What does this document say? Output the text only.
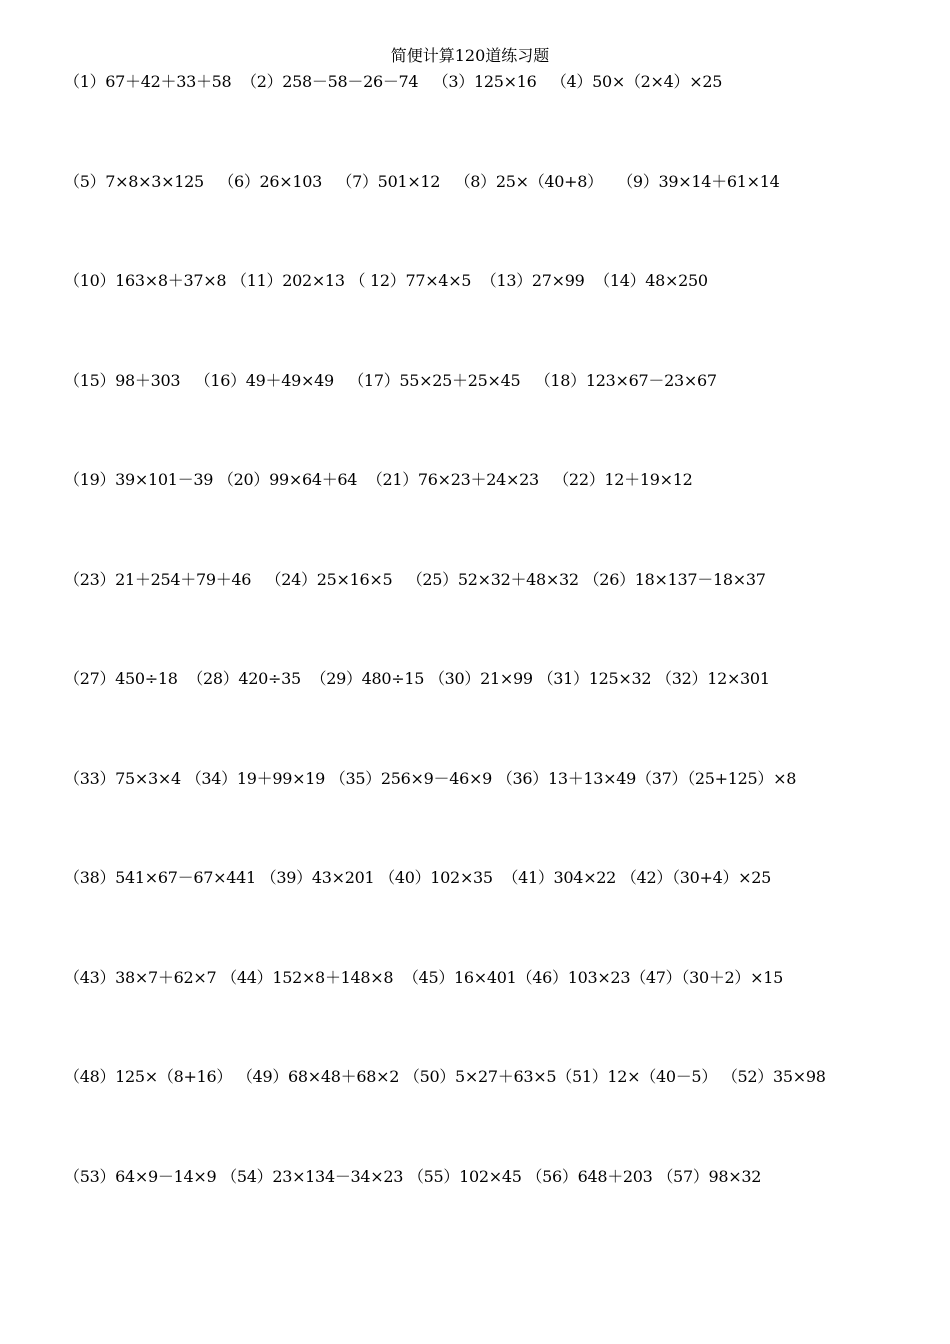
简便计算120道练习题
（1）67＋42＋33＋58 （2）258－58－26－74 （3）125×16 （4）50×（2×4）×25
（5）7×8×3×125 （6）26×103 （7）501×12 （8）25×（40+8） （9）39×14＋61×14
（10）163×8＋37×8 （11）202×13 （ 12）77×4×5 （13）27×99 （14）48×250
（15）98＋303 （16）49＋49×49 （17）55×25＋25×45 （18）123×67－23×67
（19）39×101－39 （20）99×64＋64 （21）76×23＋24×23 （22）12＋19×12
（23）21＋254＋79＋46 （24）25×16×5 （25）52×32＋48×32 （26）18×137－18×37
（27）450÷18 （28）420÷35 （29）480÷15 （30）21×99 （31）125×32 （32）12×301
（33）75×3×4 （34）19＋99×19 （35）256×9－46×9 （36）13＋13×49（37）（25+125）×8
（38）541×67－67×441 （39）43×201 （40）102×35 （41）304×22 （42）（30+4）×25
（43）38×7＋62×7 （44）152×8＋148×8 （45）16×401（46）103×23（47）（30＋2）×15
（48）125×（8+16） （49）68×48＋68×2 （50）5×27＋63×5（51）12×（40－5） （52）35×98
（53）64×9－14×9 （54）23×134－34×23 （55）102×45 （56）648＋203 （57）98×32
